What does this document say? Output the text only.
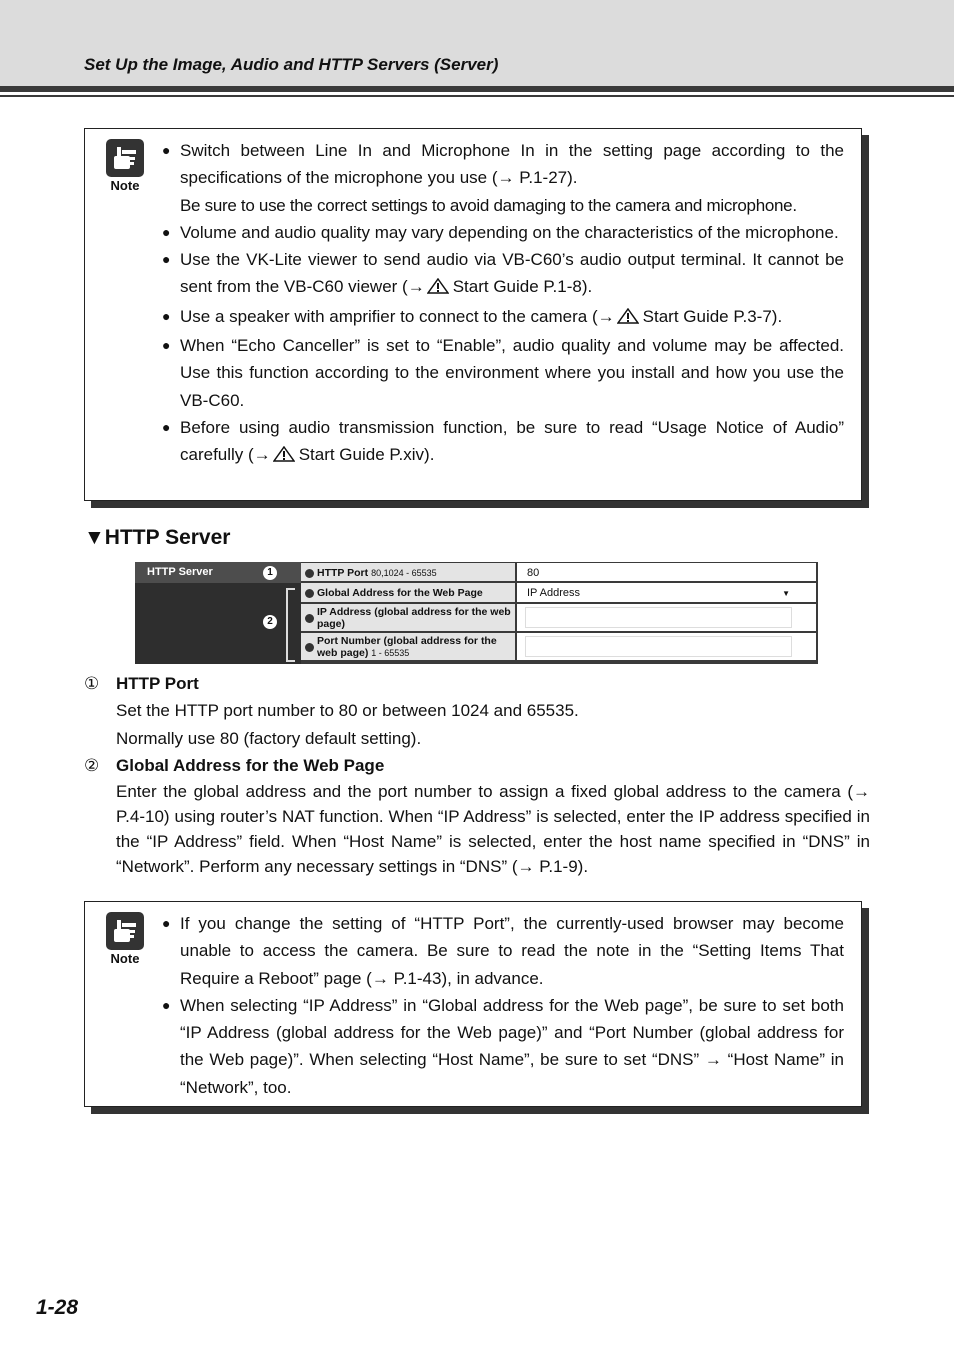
Set Up the Image, Audio and HTTP Servers (Server)
Note
● Switch between Line In and Microphone In in the setting page according to the specifications of the microphone you use (→ P.1-27).
Be sure to use the correct settings to avoid damaging to the camera and microphone.
● Volume and audio quality may vary depending on the characteristics of the microphone.
● Use the VK-Lite viewer to send audio via VB-C60’s audio output terminal. It cannot be sent from the VB-C60 viewer (→ Start Guide P.1-8).
● Use a speaker with amprifier to connect to the camera (→ Start Guide P.3-7).
● When “Echo Canceller” is set to “Enable”, audio quality and volume may be affected. Use this function according to the environment where you install and how you use the VB-C60.
● Before using audio transmission function, be sure to read “Usage Notice of Audio” carefully (→ Start Guide P.xiv).
▼HTTP Server
HTTP Server	1
2
HTTP Port 80,1024 - 65535	80
Global Address for the Web Page	IP Address	▼
IP Address (global address for the web page)
Port Number (global address for the web page) 1 - 65535
① HTTP Port
Set the HTTP port number to 80 or between 1024 and 65535.
Normally use 80 (factory default setting).
② Global Address for the Web Page
Enter the global address and the port number to assign a fixed global address to the camera (→ P.4-10) using router’s NAT function. When “IP Address” is selected, enter the IP address specified in the “IP Address” field. When “Host Name” is selected, enter the host name specified in “DNS” in “Network”. Perform any necessary settings in “DNS” (→ P.1-9).
Note
● If you change the setting of “HTTP Port”, the currently-used browser may become unable to access the camera. Be sure to read the note in the “Setting Items That Require a Reboot” page (→ P.1-43), in advance.
● When selecting “IP Address” in “Global address for the Web page”, be sure to set both “IP Address (global address for the Web page)” and “Port Number (global address for the Web page)”. When selecting “Host Name”, be sure to set “DNS” → “Host Name” in “Network”, too.
1-28
